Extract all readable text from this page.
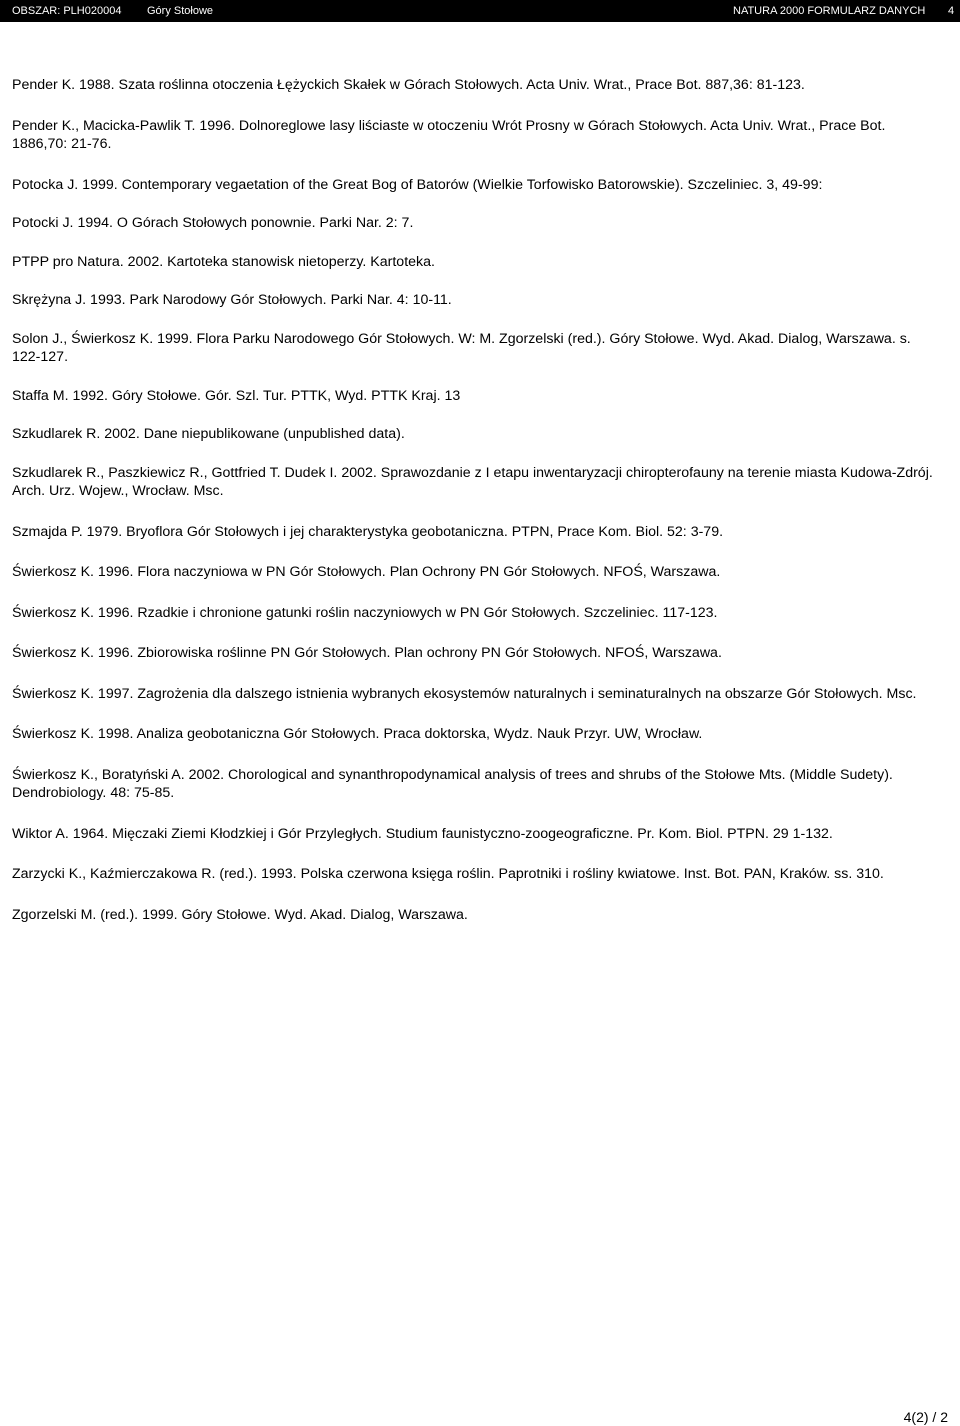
OBSZAR: PLH020004 Góry Stołowe	NATURA 2000 FORMULARZ DANYCH 4

Pender K. 1988. Szata roślinna otoczenia Łężyckich Skałek w Górach Stołowych. Acta Univ. Wrat., Prace Bot. 887,36: 81-123.

Pender K., Macicka-Pawlik T. 1996. Dolnoreglowe lasy liściaste w otoczeniu Wrót Prosny w Górach Stołowych. Acta Univ. Wrat., Prace Bot. 1886,70: 21-76.

Potocka J. 1999. Contemporary vegaetation of the Great Bog of Batorów (Wielkie Torfowisko Batorowskie). Szczeliniec. 3, 49-99:

Potocki J. 1994. O Górach Stołowych ponownie. Parki Nar. 2: 7.

PTPP pro Natura. 2002. Kartoteka stanowisk nietoperzy. Kartoteka.

Skrężyna J. 1993. Park Narodowy Gór Stołowych. Parki Nar. 4: 10-11.

Solon J., Świerkosz K. 1999. Flora Parku Narodowego Gór Stołowych. W: M. Zgorzelski (red.). Góry Stołowe. Wyd. Akad. Dialog, Warszawa. s. 122-127.

Staffa M. 1992. Góry Stołowe. Gór. Szl. Tur. PTTK, Wyd. PTTK Kraj. 13

Szkudlarek R. 2002. Dane niepublikowane (unpublished data).

Szkudlarek R., Paszkiewicz R., Gottfried T. Dudek I. 2002. Sprawozdanie z I etapu inwentaryzacji chiropterofauny na terenie miasta Kudowa-Zdrój. Arch. Urz. Wojew., Wrocław. Msc.

Szmajda P. 1979. Bryoflora Gór Stołowych i jej charakterystyka geobotaniczna. PTPN, Prace Kom. Biol. 52: 3-79.

Świerkosz K. 1996. Flora naczyniowa w PN Gór Stołowych. Plan Ochrony PN Gór Stołowych. NFOŚ, Warszawa.

Świerkosz K. 1996. Rzadkie i chronione gatunki roślin naczyniowych w PN Gór Stołowych. Szczeliniec. 117-123.

Świerkosz K. 1996. Zbiorowiska roślinne PN Gór Stołowych. Plan ochrony PN Gór Stołowych. NFOŚ, Warszawa.

Świerkosz K. 1997. Zagrożenia dla dalszego istnienia wybranych ekosystemów naturalnych i seminaturalnych na obszarze Gór Stołowych. Msc.

Świerkosz K. 1998. Analiza geobotaniczna Gór Stołowych. Praca doktorska, Wydz. Nauk Przyr. UW, Wrocław.

Świerkosz K., Boratyński A. 2002. Chorological and synanthropodynamical analysis of trees and shrubs of the Stołowe Mts. (Middle Sudety). Dendrobiology. 48: 75-85.

Wiktor A. 1964. Mięczaki Ziemi Kłodzkiej i Gór Przyległych. Studium faunistyczno-zoogeograficzne. Pr. Kom. Biol. PTPN. 29 1-132.

Zarzycki K., Kaźmierczakowa R. (red.). 1993. Polska czerwona księga roślin. Paprotniki i rośliny kwiatowe. Inst. Bot. PAN, Kraków. ss. 310.

Zgorzelski M. (red.). 1999. Góry Stołowe. Wyd. Akad. Dialog, Warszawa.

4(2) / 2
